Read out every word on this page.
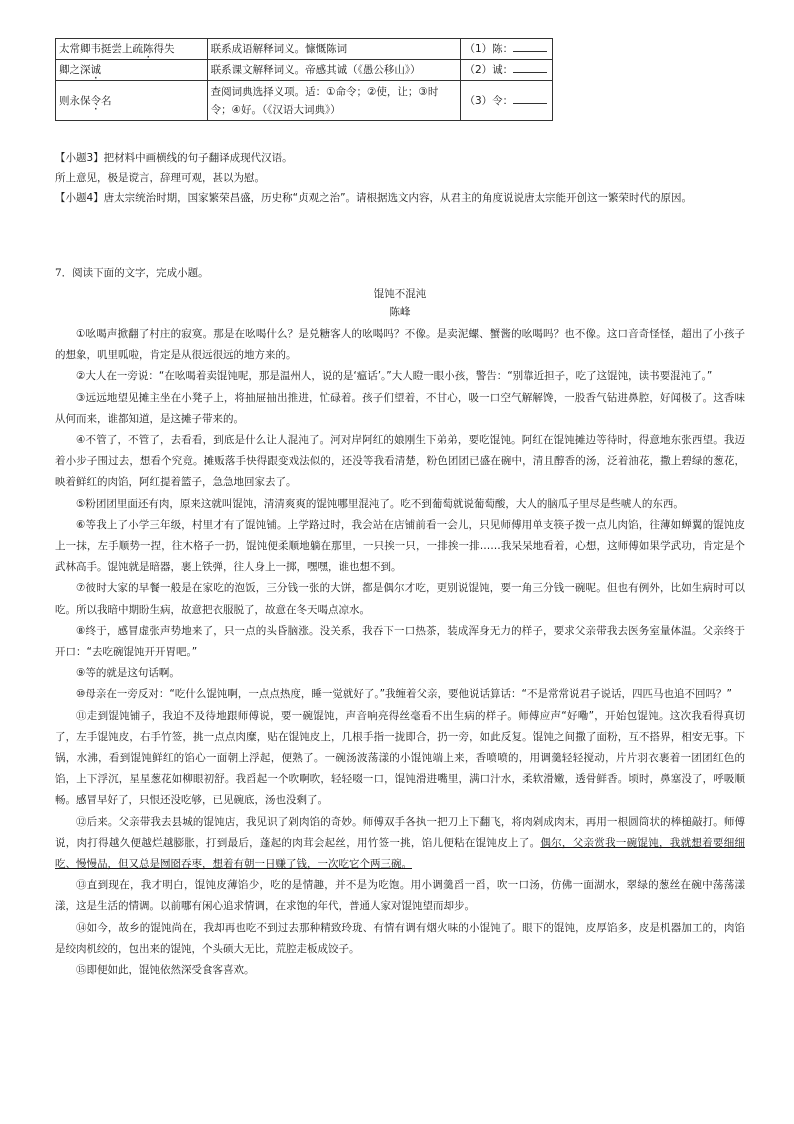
太常卿韦挺尝上疏陈得失	联系成语解释词义。慷慨陈词	（1）陈：
卿之深诚	联系课文解释词义。帝感其诚（《愚公移山》）	（2）诚：
则永保令名	查阅词典选择义项。适：①命令；②使，让；③时令；④好。（《汉语大词典》）	（3）令：
【小题3】把材料中画横线的句子翻译成现代汉语。
所上意见，极是谠言，辞理可观，甚以为慰。
【小题4】唐太宗统治时期，国家繁荣昌盛，历史称“贞观之治”。请根据选文内容，从君主的角度说说唐太宗能开创这一繁荣时代的原因。
7．阅读下面的文字，完成小题。
馄饨不混沌
陈峰

①吆喝声掀翻了村庄的寂寞。那是在吆喝什么？是兑糖客人的吆喝吗？不像。是卖泥螺、蟹酱的吆喝吗？也不像。这口音奇怪怪，超出了小孩子的想象，叽里呱啦，肯定是从很远很远的地方来的。

②大人在一旁说：“在吆喝着卖馄饨呢，那是温州人，说的是‘瘟话’。”大人瞪一眼小孩，警告：“别靠近担子，吃了这馄饨，读书要混沌了。”

③远远地望见摊主坐在小凳子上，将抽屉抽出推进，忙碌着。孩子们望着，不甘心，吸一口空气解解馋，一股香气钻进鼻腔，好闻极了。这香味从何而来，谁都知道，是这摊子带来的。

④不管了，不管了，去看看，到底是什么让人混沌了。河对岸阿红的娘刚生下弟弟，要吃馄饨。阿红在馄饨摊边等待时，得意地东张西望。我迈着小步子围过去，想看个究竟。摊贩落手快得跟变戏法似的，还没等我看清楚，粉色团团已盛在碗中，清且醇香的汤，泛着油花，撒上碧绿的葱花，映着鲜红的肉馅，阿红提着篮子，急急地回家去了。

⑤粉团团里面还有肉，原来这就叫馄饨，清清爽爽的馄饨哪里混沌了。吃不到葡萄就说葡萄酸，大人的脑瓜子里尽是些唬人的东西。

⑥等我上了小学三年级，村里才有了馄饨铺。上学路过时，我会站在店铺前看一会儿，只见师傅用单支筷子拨一点儿肉馅，往薄如蝉翼的馄饨皮上一抹，左手顺势一捏，往木格子一扔，馄饨便柔顺地躺在那里，一只挨一只，一排挨一排……我呆呆地看着，心想，这师傅如果学武功，肯定是个武林高手。馄饨就是暗器，裹上铁弹，往人身上一掷，嘿嘿，谁也想不到。

⑦彼时大家的早餐一般是在家吃的泡饭，三分钱一张的大饼，都是偶尔才吃，更别说馄饨，要一角三分钱一碗呢。但也有例外，比如生病时可以吃。所以我暗中期盼生病，故意把衣服脱了，故意在冬天喝点凉水。

⑧终于，感冒虚张声势地来了，只一点的头昏脑涨。没关系，我吞下一口热茶，装成浑身无力的样子，要求父亲带我去医务室量体温。父亲终于开口：“去吃碗馄饨开开胃吧。”

⑨等的就是这句话啊。

⑩母亲在一旁反对：“吃什么馄饨啊，一点点热度，睡一觉就好了。”我缠着父亲，要他说话算话：“不是常常说君子说话，四匹马也追不回吗？”

⑪走到馄饨铺子，我迫不及待地跟师傅说，要一碗馄饨，声音响亮得丝毫看不出生病的样子。师傅应声“好嘞”，开始包馄饨。这次我看得真切了，左手馄饨皮，右手竹签，挑一点点肉糜，贴在馄饨皮上，几根手指一拢即合，扔一旁，如此反复。馄饨之间撒了面粉，互不搭界，相安无事。下锅，水沸，看到馄饨鲜红的馅心一面朝上浮起，便熟了。一碗汤波荡漾的小馄饨端上来，香喷喷的，用调羹轻轻搅动，片片羽衣裹着一团团红色的馅，上下浮沉，星星葱花如柳眼初舒。我舀起一个吹啊吹，轻轻啜一口，馄饨滑进嘴里，满口汁水，柔软滑嫩，透骨鲜香。顷时，鼻塞没了，呼吸顺畅。感冒早好了，只恨还没吃够，已见碗底，汤也没剩了。

⑫后来。父亲带我去县城的馄饨店，我见识了剁肉馅的奇妙。师傅双手各执一把刀上下翻飞，将肉剁成肉末，再用一根圆筒状的棒槌敲打。师傅说，肉打得越久便越烂越膨胀，打到最后，蓬起的肉茸会起丝，用竹签一挑，馅儿便粘在馄饨皮上了。偶尔，父亲赏我一碗馄饨，我就想着要细细吃、慢慢品，但又总是囫囵吞枣，想着有朝一日赚了钱，一次吃它个两三碗。

⑬直到现在，我才明白，馄饨皮薄馅少，吃的是情趣，并不是为吃饱。用小调羹舀一舀，吹一口汤，仿佛一面湖水，翠绿的葱丝在碗中荡荡漾漾，这是生活的情调。以前哪有闲心追求情调，在求饱的年代，普通人家对馄饨望而却步。

⑭如今，故乡的馄饨尚在，我却再也吃不到过去那种精致玲珑、有情有调有烟火味的小馄饨了。眼下的馄饨，皮厚馅多，皮是机器加工的，肉馅是绞肉机绞的，包出来的馄饨，个头硕大无比，荒腔走板成饺子。

⑮即便如此，馄饨依然深受食客喜欢。
